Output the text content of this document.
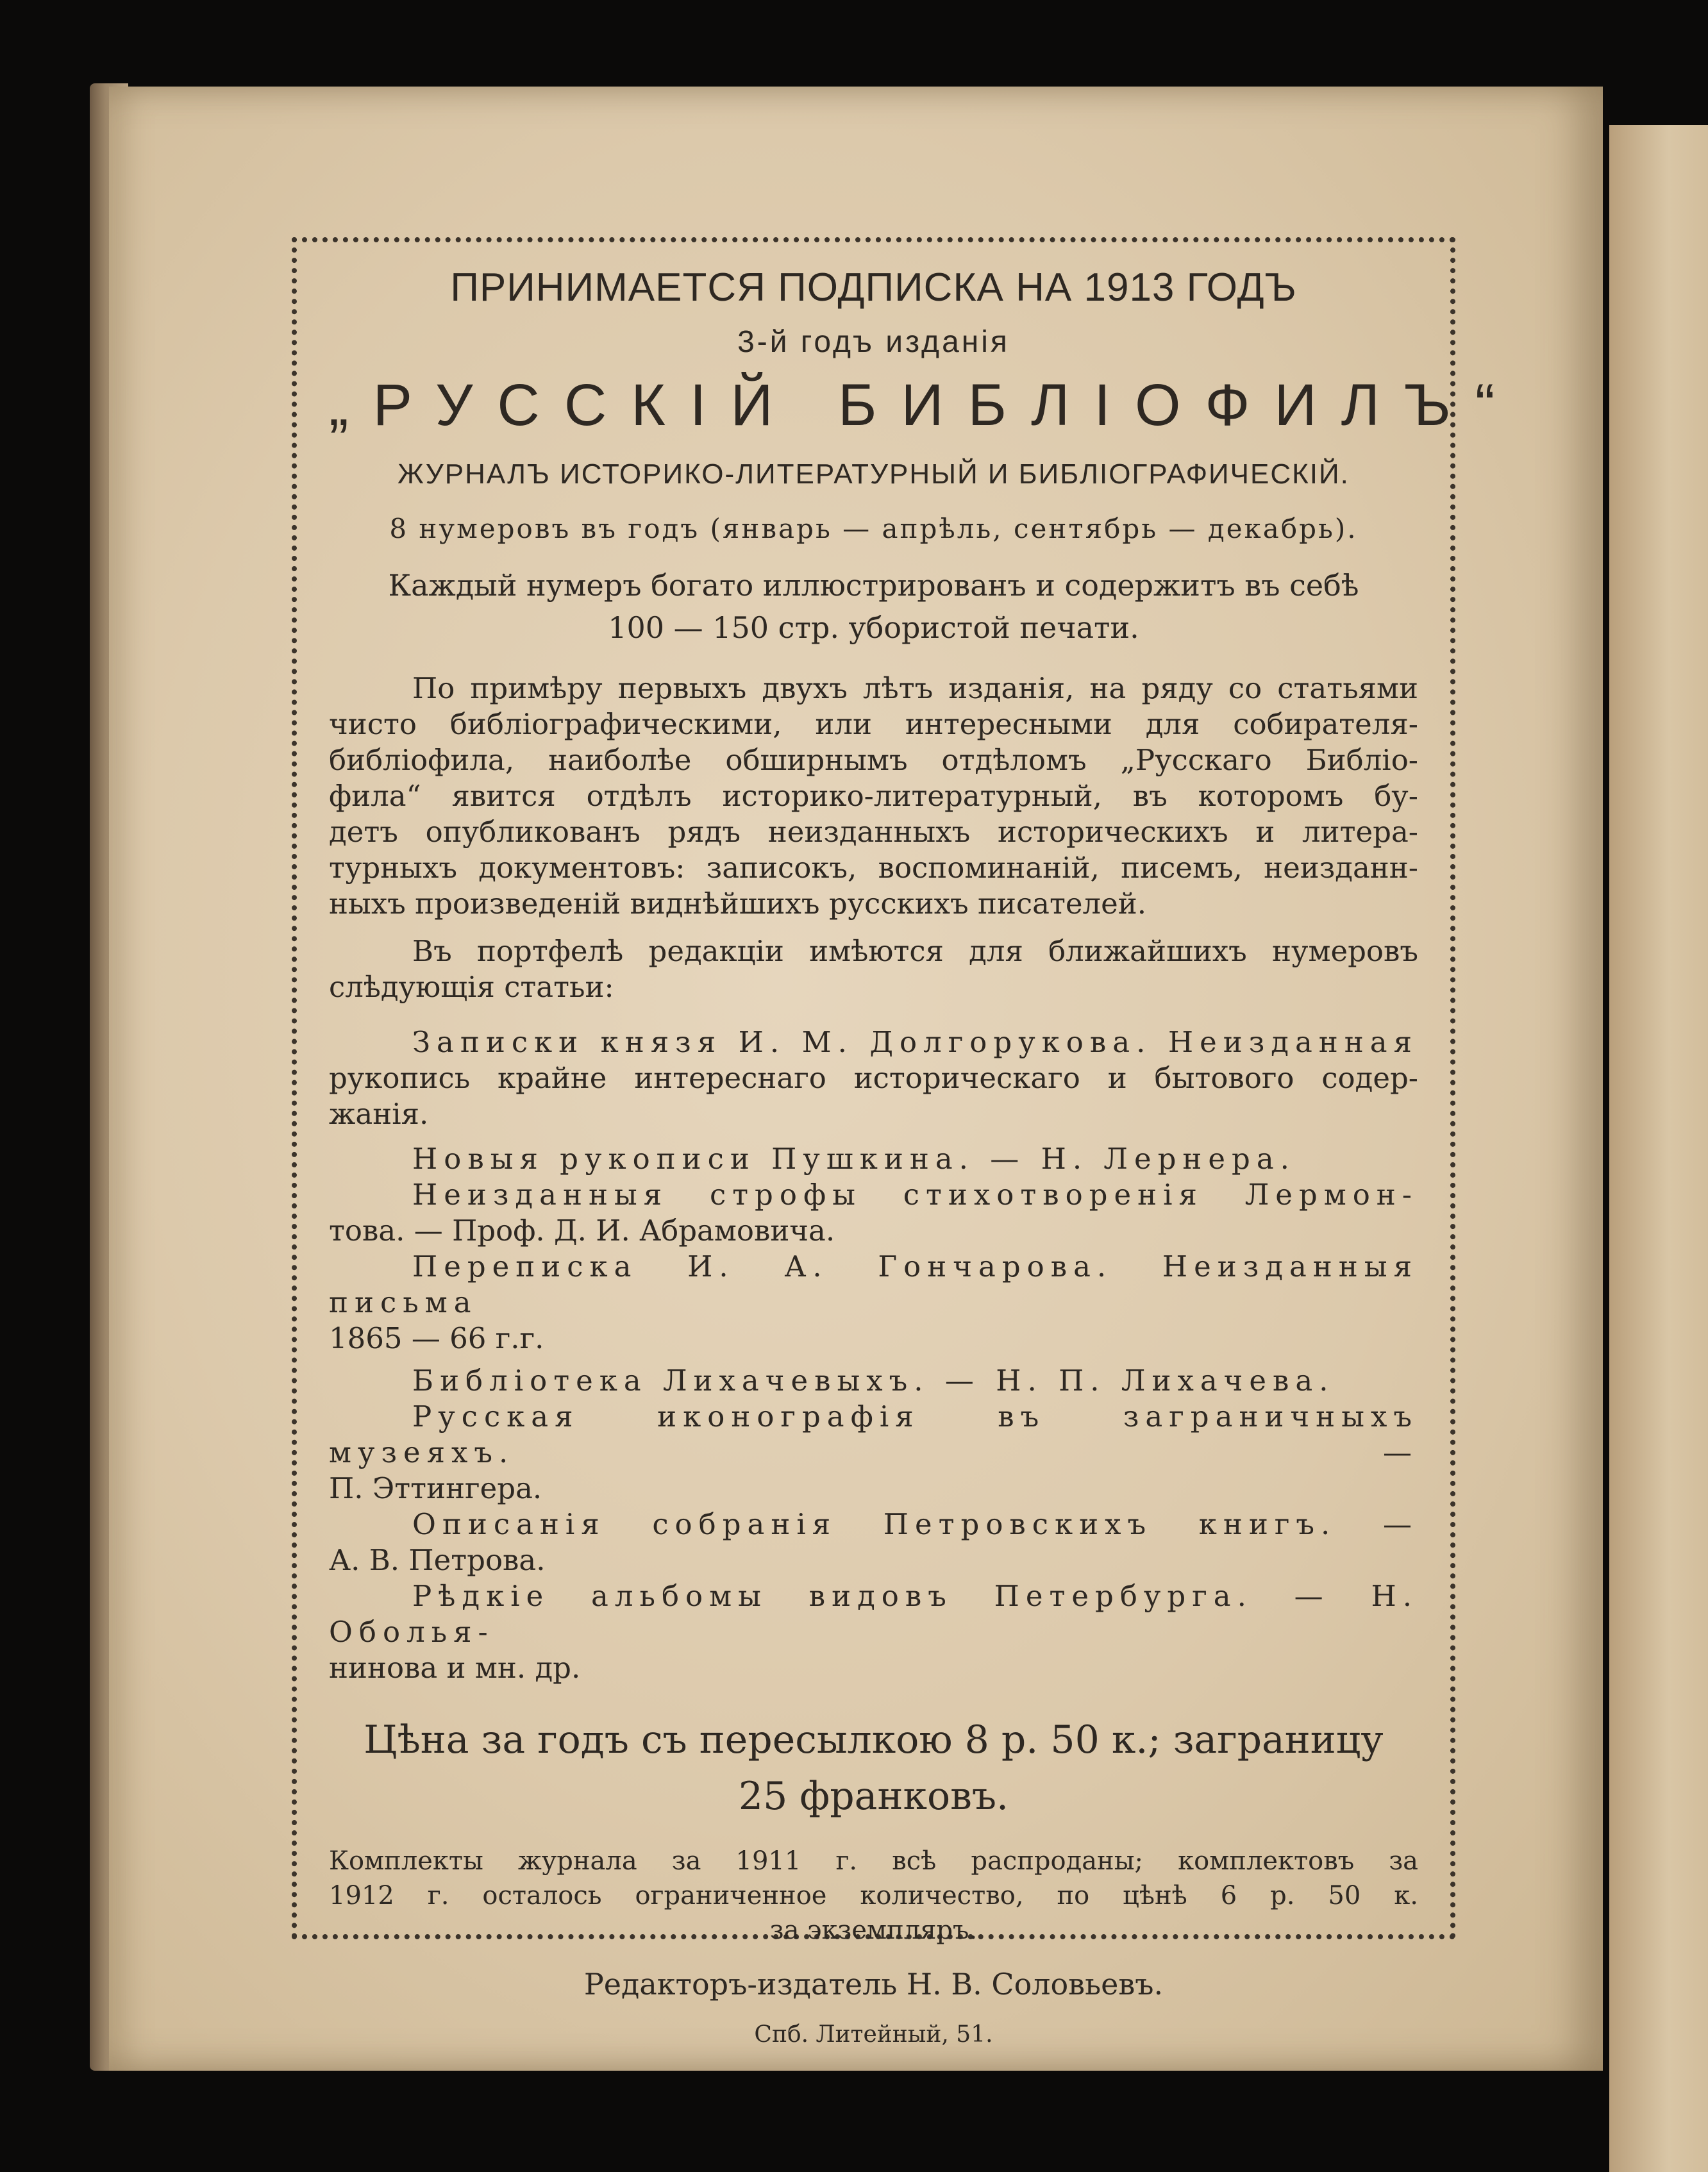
ПРИНИМАЕТСЯ ПОДПИСКА НА 1913 ГОДЪ

3-й годъ изданія

„РУССКІЙ БИБЛІОФИЛЪ“

ЖУРНАЛЪ ИСТОРИКО-ЛИТЕРАТУРНЫЙ И БИБЛІОГРАФИЧЕСКІЙ.

8 нумеровъ въ годъ (январь — апрѣль, сентябрь — декабрь).

Каждый нумеръ богато иллюстрированъ и содержитъ въ себѣ

100 — 150 стр. убористой печати.

По примѣру первыхъ двухъ лѣтъ изданія, на ряду со статьями

чисто библіографическими, или интересными для собирателя-

библіофила, наиболѣе обширнымъ отдѣломъ „Русскаго Библіо-

фила“ явится отдѣлъ историко-литературный, въ которомъ бу-

детъ опубликованъ рядъ неизданныхъ историческихъ и литера-

турныхъ документовъ: записокъ, воспоминаній, писемъ, неизданн-

ныхъ произведеній виднѣйшихъ русскихъ писателей.

Въ портфелѣ редакціи имѣются для ближайшихъ нумеровъ

слѣдующія статьи:

Записки князя И. М. Долгорукова. Неизданная

рукопись крайне интереснаго историческаго и бытового содер-

жанія.

Новыя рукописи Пушкина. — Н. Лернера.

Неизданныя строфы стихотворенія Лермон-

това. — Проф. Д. И. Абрамовича.

Переписка И. А. Гончарова. Неизданныя письма

1865 — 66 г.г.

Библіотека Лихачевыхъ. — Н. П. Лихачева.

Русская иконографія въ заграничныхъ музеяхъ. —

П. Эттингера.

Описанія собранія Петровскихъ книгъ. —

А. В. Петрова.

Рѣдкіе альбомы видовъ Петербурга. — Н. Оболья-

нинова и мн. др.

Цѣна за годъ съ пересылкою 8 р. 50 к.; заграницу

25 франковъ.

Комплекты журнала за 1911 г. всѣ распроданы; комплектовъ за

1912 г. осталось ограниченное количество, по цѣнѣ 6 р. 50 к.

за экземпляръ.

Редакторъ-издатель Н. В. Соловьевъ.

Спб. Литейный, 51.
